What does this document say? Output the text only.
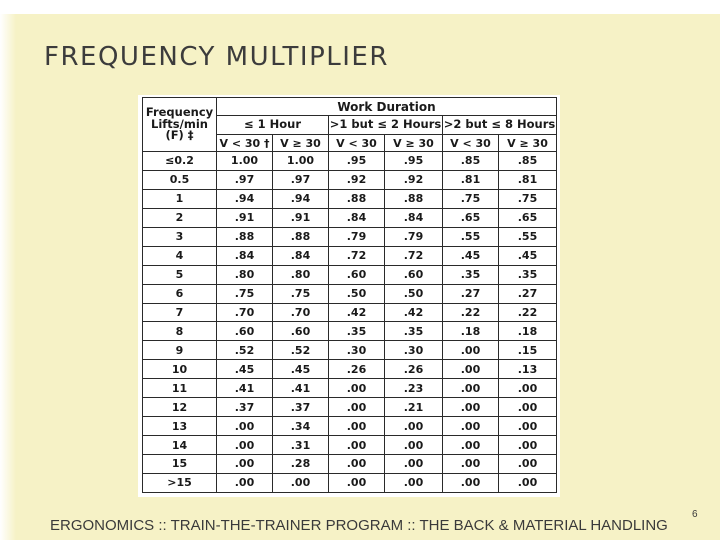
FREQUENCY MULTIPLIER
Frequency
Lifts/min
(F) ‡	Work Duration					
	≤ 1 Hour		>1 but ≤ 2 Hours		>2 but ≤ 8 Hours	
	V < 30 †	V ≥ 30	V < 30	V ≥ 30	V < 30	V ≥ 30
≤0.2	1.00	1.00	.95	.95	.85	.85
0.5	.97	.97	.92	.92	.81	.81
1	.94	.94	.88	.88	.75	.75
2	.91	.91	.84	.84	.65	.65
3	.88	.88	.79	.79	.55	.55
4	.84	.84	.72	.72	.45	.45
5	.80	.80	.60	.60	.35	.35
6	.75	.75	.50	.50	.27	.27
7	.70	.70	.42	.42	.22	.22
8	.60	.60	.35	.35	.18	.18
9	.52	.52	.30	.30	.00	.15
10	.45	.45	.26	.26	.00	.13
11	.41	.41	.00	.23	.00	.00
12	.37	.37	.00	.21	.00	.00
13	.00	.34	.00	.00	.00	.00
14	.00	.31	.00	.00	.00	.00
15	.00	.28	.00	.00	.00	.00
>15	.00	.00	.00	.00	.00	.00

ERGONOMICS :: TRAIN-THE-TRAINER PROGRAM :: THE BACK & MATERIAL HANDLING

6
